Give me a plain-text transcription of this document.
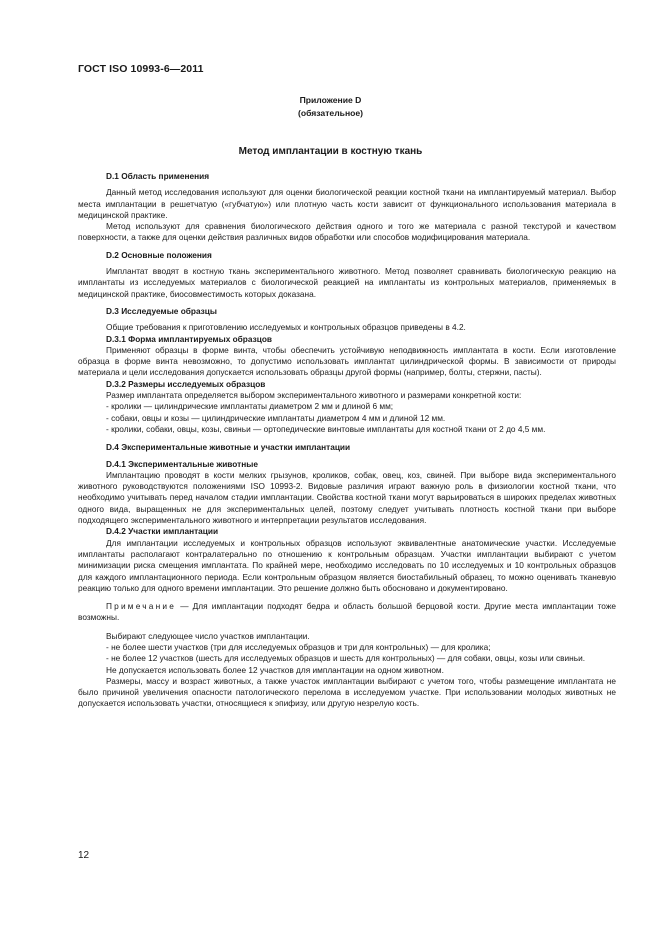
ГОСТ ISO 10993-6—2011
Приложение D
(обязательное)
Метод имплантации в костную ткань
D.1 Область применения

Данный метод исследования используют для оценки биологической реакции костной ткани на имплантируемый материал. Выбор места имплантации в решетчатую («губчатую») или плотную часть кости зависит от функционального использования материала в медицинской практике.

Метод используют для сравнения биологического действия одного и того же материала с разной текстурой и качеством поверхности, а также для оценки действия различных видов обработки или способов модифицирования материала.

D.2 Основные положения

Имплантат вводят в костную ткань экспериментального животного. Метод позволяет сравнивать биологическую реакцию на имплантаты из исследуемых материалов с биологической реакцией на имплантаты из контрольных материалов, применяемых в медицинской практике, биосовместимость которых доказана.

D.3 Исследуемые образцы

Общие требования к приготовлению исследуемых и контрольных образцов приведены в 4.2.

D.3.1 Форма имплантируемых образцов

Применяют образцы в форме винта, чтобы обеспечить устойчивую неподвижность имплантата в кости. Если изготовление образца в форме винта невозможно, то допустимо использовать имплантат цилиндрической формы. В зависимости от природы материала и цели исследования допускается использовать образцы другой формы (например, болты, стержни, пасты).

D.3.2 Размеры исследуемых образцов

Размер имплантата определяется выбором экспериментального животного и размерами конкретной кости:

- кролики — цилиндрические имплантаты диаметром 2 мм и длиной 6 мм;

- собаки, овцы и козы — цилиндрические имплантаты диаметром 4 мм и длиной 12 мм.

- кролики, собаки, овцы, козы, свиньи — ортопедические винтовые имплантаты для костной ткани от 2 до 4,5 мм.

D.4 Экспериментальные животные и участки имплантации
D.4.1 Экспериментальные животные

Имплантацию проводят в кости мелких грызунов, кроликов, собак, овец, коз, свиней. При выборе вида экспериментального животного руководствуются положениями ISO 10993-2. Видовые различия играют важную роль в физиологии костной ткани, что необходимо учитывать перед началом стадии имплантации. Свойства костной ткани могут варьироваться в широких пределах животных одного вида, выращенных не для экспериментальных целей, поэтому следует учитывать плотность костной ткани при выборе подходящего экспериментального животного и интерпретации результатов исследования.

D.4.2 Участки имплантации

Для имплантации исследуемых и контрольных образцов используют эквивалентные анатомические участки. Исследуемые имплантаты располагают контралатерально по отношению к контрольным образцам. Участки имплантации выбирают с учетом минимизации риска смещения имплантата. По крайней мере, необходимо исследовать по 10 исследуемых и 10 контрольных образцов для каждого имплантационного периода. Если контрольным образцом является биостабильный образец, то можно оценивать тканевую реакцию только для одного времени имплантации. Это решение должно быть обосновано и документировано.

Примечание — Для имплантации подходят бедра и область большой берцовой кости. Другие места имплантации тоже возможны.

Выбирают следующее число участков имплантации.

- не более шести участков (три для исследуемых образцов и три для контрольных) — для кролика;

- не более 12 участков (шесть для исследуемых образцов и шесть для контрольных) — для собаки, овцы, козы или свиньи.

Не допускается использовать более 12 участков для имплантации на одном животном.

Размеры, массу и возраст животных, а также участок имплантации выбирают с учетом того, чтобы размещение имплантата не было причиной увеличения опасности патологического перелома в исследуемом участке. При использовании молодых животных не допускается использовать участки, относящиеся к эпифизу, или другую незрелую кость.

12
